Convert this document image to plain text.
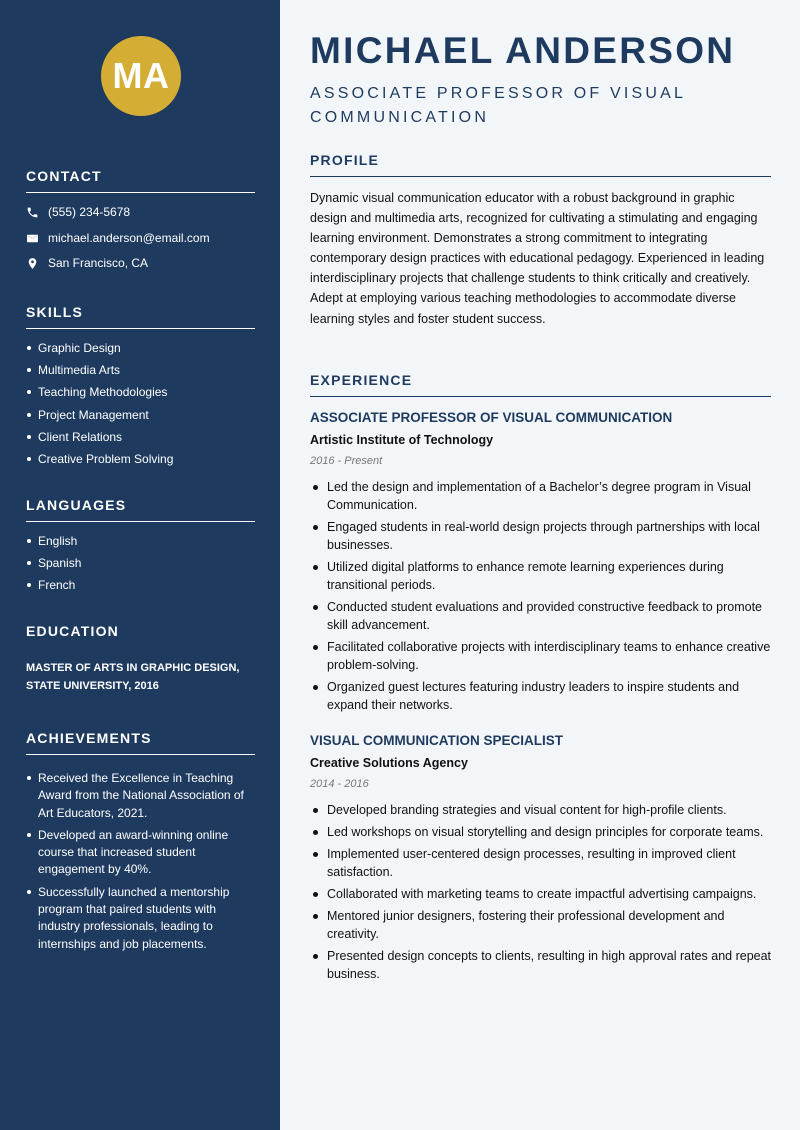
MA
CONTACT
(555) 234-5678
michael.anderson@email.com
San Francisco, CA
SKILLS
Graphic Design
Multimedia Arts
Teaching Methodologies
Project Management
Client Relations
Creative Problem Solving
LANGUAGES
English
Spanish
French
EDUCATION
MASTER OF ARTS IN GRAPHIC DESIGN, STATE UNIVERSITY, 2016
ACHIEVEMENTS
Received the Excellence in Teaching Award from the National Association of Art Educators, 2021.
Developed an award-winning online course that increased student engagement by 40%.
Successfully launched a mentorship program that paired students with industry professionals, leading to internships and job placements.
MICHAEL ANDERSON
ASSOCIATE PROFESSOR OF VISUAL COMMUNICATION
PROFILE

Dynamic visual communication educator with a robust background in graphic design and multimedia arts, recognized for cultivating a stimulating and engaging learning environment. Demonstrates a strong commitment to integrating contemporary design practices with educational pedagogy. Experienced in leading interdisciplinary projects that challenge students to think critically and creatively. Adept at employing various teaching methodologies to accommodate diverse learning styles and foster student success.

EXPERIENCE
ASSOCIATE PROFESSOR OF VISUAL COMMUNICATION
Artistic Institute of Technology
2016 - Present
Led the design and implementation of a Bachelor’s degree program in Visual Communication.
Engaged students in real-world design projects through partnerships with local businesses.
Utilized digital platforms to enhance remote learning experiences during transitional periods.
Conducted student evaluations and provided constructive feedback to promote skill advancement.
Facilitated collaborative projects with interdisciplinary teams to enhance creative problem-solving.
Organized guest lectures featuring industry leaders to inspire students and expand their networks.
VISUAL COMMUNICATION SPECIALIST
Creative Solutions Agency
2014 - 2016
Developed branding strategies and visual content for high-profile clients.
Led workshops on visual storytelling and design principles for corporate teams.
Implemented user-centered design processes, resulting in improved client satisfaction.
Collaborated with marketing teams to create impactful advertising campaigns.
Mentored junior designers, fostering their professional development and creativity.
Presented design concepts to clients, resulting in high approval rates and repeat business.
